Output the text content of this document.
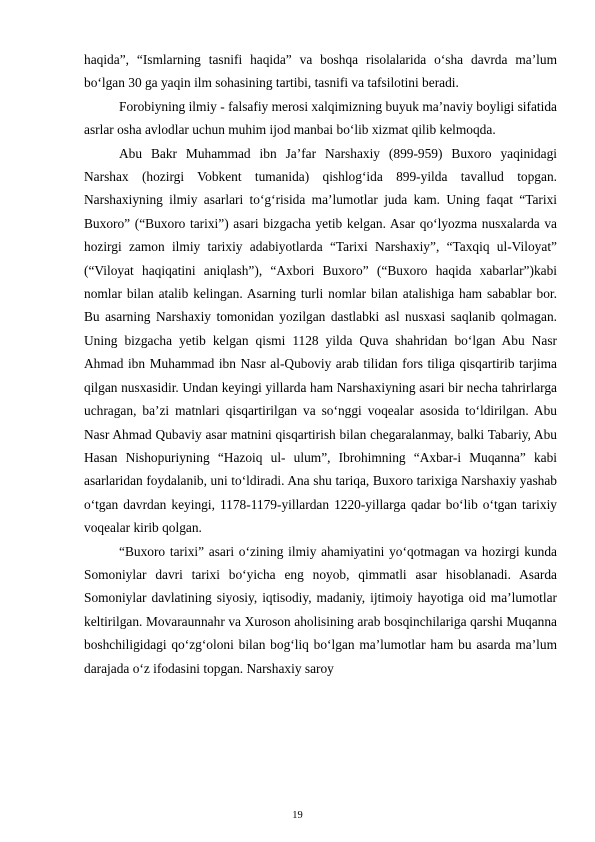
haqida”, “Ismlarning tasnifi haqida” va boshqa risolalarida o‘sha davrda ma’lum bo‘lgan 30 ga yaqin ilm sohasining tartibi, tasnifi va tafsilotini beradi.

Forobiyning ilmiy - falsafiy merosi xalqimizning buyuk ma’naviy boyligi sifatida asrlar osha avlodlar uchun muhim ijod manbai bo‘lib xizmat qilib kelmoqda.

Abu Bakr Muhammad ibn Ja’far Narshaxiy (899-959) Buxoro yaqinidagi Narshax (hozirgi Vobkent tumanida) qishlog‘ida 899-yilda tavallud topgan. Narshaxiyning ilmiy asarlari to‘g‘risida ma’lumotlar juda kam. Uning faqat “Tarixi Buxoro” (“Buxoro tarixi”) asari bizgacha yetib kelgan. Asar qo‘lyozma nusxalarda va hozirgi zamon ilmiy tarixiy adabiyotlarda “Tarixi Narshaxiy”, “Taxqiq ul-Viloyat” (“Viloyat haqiqatini aniqlash”), “Axbori Buxoro” (“Buxoro haqida xabarlar”)kabi nomlar bilan atalib kelingan. Asarning turli nomlar bilan atalishiga ham sabablar bor. Bu asarning Narshaxiy tomonidan yozilgan dastlabki asl nusxasi saqlanib qolmagan. Uning bizgacha yetib kelgan qismi 1128 yilda Quva shahridan bo‘lgan Abu Nasr Ahmad ibn Muhammad ibn Nasr al-Quboviy arab tilidan fors tiliga qisqartirib tarjima qilgan nusxasidir. Undan keyingi yillarda ham Narshaxiyning asari bir necha tahrirlarga uchragan, ba’zi matnlari qisqartirilgan va so‘nggi voqealar asosida to‘ldirilgan. Abu Nasr Ahmad Qubaviy asar matnini qisqartirish bilan chegaralanmay, balki Tabariy, Abu Hasan Nishopuriyning “Hazoiq ul- ulum”, Ibrohimning “Axbar-i Muqanna” kabi asarlaridan foydalanib, uni to‘ldiradi. Ana shu tariqa, Buxoro tarixiga Narshaxiy yashab o‘tgan davrdan keyingi, 1178-1179-yillardan 1220-yillarga qadar bo‘lib o‘tgan tarixiy voqealar kirib qolgan.

“Buxoro tarixi” asari o‘zining ilmiy ahamiyatini yo‘qotmagan va hozirgi kunda Somoniylar davri tarixi bo‘yicha eng noyob, qimmatli asar hisoblanadi. Asarda Somoniylar davlatining siyosiy, iqtisodiy, madaniy, ijtimoiy hayotiga oid ma’lumotlar keltirilgan. Movaraunnahr va Xuroson aholisining arab bosqinchilariga qarshi Muqanna boshchiligidagi qo‘zg‘oloni bilan bog‘liq bo‘lgan ma’lumotlar ham bu asarda ma’lum darajada o‘z ifodasini topgan. Narshaxiy saroy

19
